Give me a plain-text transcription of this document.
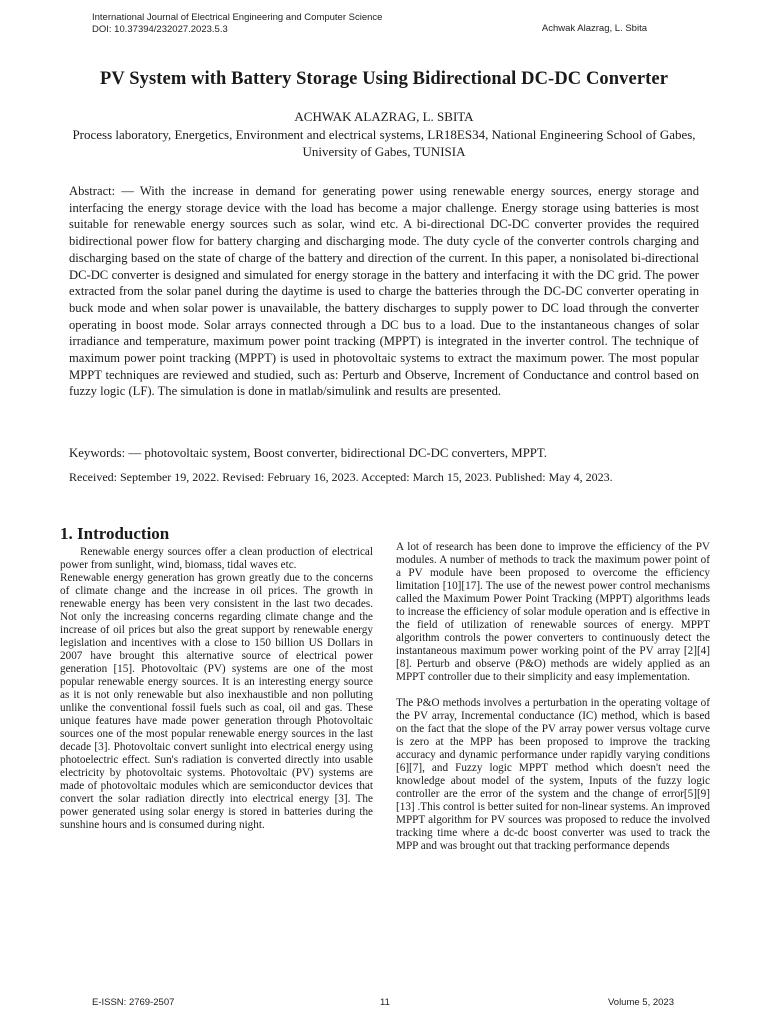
International Journal of Electrical Engineering and Computer Science
DOI: 10.37394/232027.2023.5.3	Achwak Alazrag, L. Sbita
PV System with Battery Storage Using Bidirectional DC-DC Converter
ACHWAK ALAZRAG, L. SBITA
Process laboratory, Energetics, Environment and electrical systems, LR18ES34, National Engineering School of Gabes, University of Gabes, TUNISIA

Abstract: — With the increase in demand for generating power using renewable energy sources, energy storage and interfacing the energy storage device with the load has become a major challenge. Energy storage using batteries is most suitable for renewable energy sources such as solar, wind etc. A bi-directional DC-DC converter provides the required bidirectional power flow for battery charging and discharging mode. The duty cycle of the converter controls charging and discharging based on the state of charge of the battery and direction of the current. In this paper, a nonisolated bi-directional DC-DC converter is designed and simulated for energy storage in the battery and interfacing it with the DC grid. The power extracted from the solar panel during the daytime is used to charge the batteries through the DC-DC converter operating in buck mode and when solar power is unavailable, the battery discharges to supply power to DC load through the converter operating in boost mode. Solar arrays connected through a DC bus to a load. Due to the instantaneous changes of solar irradiance and temperature, maximum power point tracking (MPPT) is integrated in the inverter control. The technique of maximum power point tracking (MPPT) is used in photovoltaic systems to extract the maximum power. The most popular MPPT techniques are reviewed and studied, such as: Perturb and Observe, Increment of Conductance and control based on fuzzy logic (LF). The simulation is done in matlab/simulink and results are presented.

Keywords: — photovoltaic system, Boost converter, bidirectional DC-DC converters, MPPT.

Received: September 19, 2022. Revised: February 16, 2023. Accepted: March 15, 2023. Published: May 4, 2023.

1. Introduction

Renewable energy sources offer a clean production of electrical power from sunlight, wind, biomass, tidal waves etc.

Renewable energy generation has grown greatly due to the concerns of climate change and the increase in oil prices. The growth in renewable energy has been very consistent in the last two decades. Not only the increasing concerns regarding climate change and the increase of oil prices but also the great support by renewable energy legislation and incentives with a close to 150 billion US Dollars in 2007 have brought this alternative source of electrical power generation [15]. Photovoltaic (PV) systems are one of the most popular renewable energy sources. It is an interesting energy source as it is not only renewable but also inexhaustible and non polluting unlike the conventional fossil fuels such as coal, oil and gas. These unique features have made power generation through Photovoltaic sources one of the most popular renewable energy sources in the last decade [3]. Photovoltaic convert sunlight into electrical energy using photoelectric effect. Sun's radiation is converted directly into usable electricity by photovoltaic systems. Photovoltaic (PV) systems are made of photovoltaic modules which are semiconductor devices that convert the solar radiation directly into electrical energy [3]. The power generated using solar energy is stored in batteries during the sunshine hours and is consumed during night.

A lot of research has been done to improve the efficiency of the PV modules. A number of methods to track the maximum power point of a PV module have been proposed to overcome the efficiency limitation [10][17]. The use of the newest power control mechanisms called the Maximum Power Point Tracking (MPPT) algorithms leads to increase the efficiency of solar module operation and is effective in the field of utilization of renewable sources of energy. MPPT algorithm controls the power converters to continuously detect the instantaneous maximum power working point of the PV array [2][4][8]. Perturb and observe (P&O) methods are widely applied as an MPPT controller due to their simplicity and easy implementation.

The P&O methods involves a perturbation in the operating voltage of the PV array, Incremental conductance (IC) method, which is based on the fact that the slope of the PV array power versus voltage curve is zero at the MPP has been proposed to improve the tracking accuracy and dynamic performance under rapidly varying conditions [6][7], and Fuzzy logic MPPT method which doesn't need the knowledge about model of the system, Inputs of the fuzzy logic controller are the error of the system and the change of error[5][9][13] .This control is better suited for non-linear systems. An improved MPPT algorithm for PV sources was proposed to reduce the involved tracking time where a dc-dc boost converter was used to track the MPP and was brought out that tracking performance depends

E-ISSN: 2769-2507	11	Volume 5, 2023
